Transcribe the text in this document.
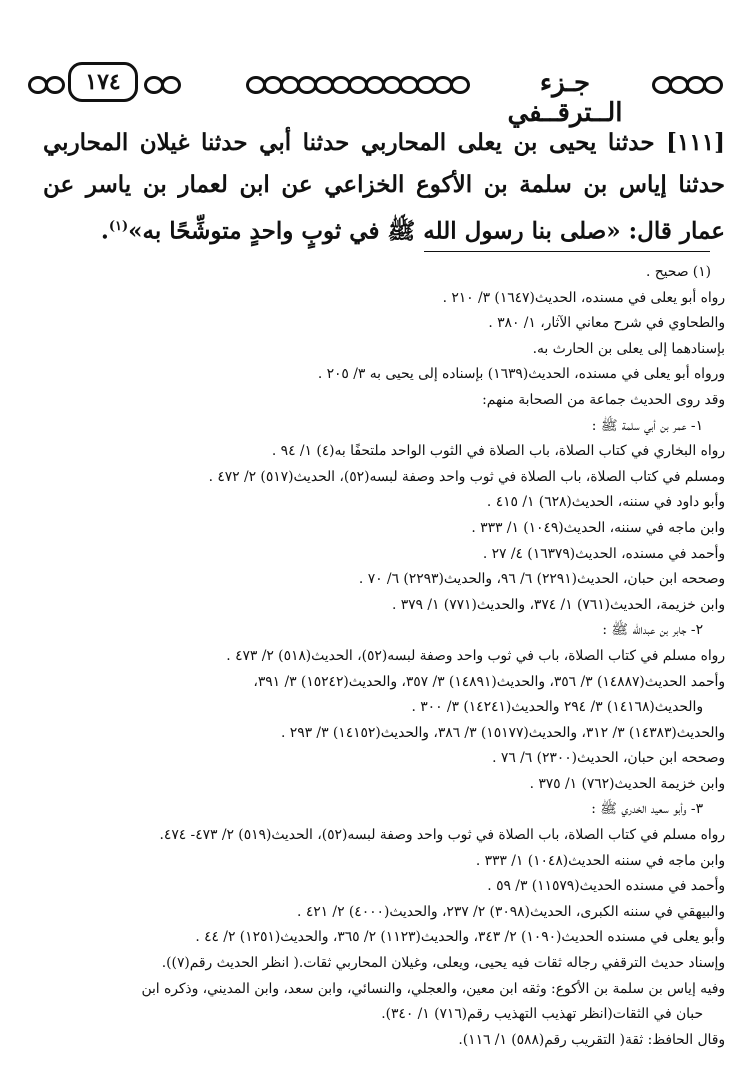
١٧٤	جـزء الــترقــفي
[١١١] حدثنا يحيى بن يعلى المحاربي حدثنا أبي حدثنا غيلان المحاربي حدثنا إياس بن سلمة بن الأكوع الخزاعي عن ابن لعمار بن ياسر عن عمار قال: «صلى بنا رسول الله ﷺ في ثوبٍ واحدٍ متوشِّحًا به»$^{(١)}$.
(١) صحيح .
رواه أبو يعلى في مسنده، الحديث(١٦٤٧) ٣/ ٢١٠ .
والطحاوي في شرح معاني الآثار، ١/ ٣٨٠ .
بإسنادهما إلى يعلى بن الحارث به.
ورواه أبو يعلى في مسنده، الحديث(١٦٣٩) بإسناده إلى يحيى به ٣/ ٢٠٥ .
وقد روى الحديث جماعة من الصحابة منهم:
١- عمر بن أبي سلمة ﷺ :
رواه البخاري في كتاب الصلاة، باب الصلاة في الثوب الواحد ملتحفًا به(٤) ١/ ٩٤ .
ومسلم في كتاب الصلاة، باب الصلاة في ثوب واحد وصفة لبسه(٥٢)، الحديث(٥١٧) ٢/ ٤٧٢ .
وأبو داود في سننه، الحديث(٦٢٨) ١/ ٤١٥ .
وابن ماجه في سننه، الحديث(١٠٤٩) ١/ ٣٣٣ .
وأحمد في مسنده، الحديث(١٦٣٧٩) ٤/ ٢٧ .
وصححه ابن حبان، الحديث(٢٢٩١) ٦/ ٩٦، والحديث(٢٢٩٣) ٦/ ٧٠ .
وابن خزيمة، الحديث(٧٦١) ١/ ٣٧٤، والحديث(٧٧١) ١/ ٣٧٩ .
٢- جابر بن عبدالله ﷺ :
رواه مسلم في كتاب الصلاة، باب في ثوب واحد وصفة لبسه(٥٢)، الحديث(٥١٨) ٢/ ٤٧٣ .
وأحمد الحديث(١٤٨٨٧) ٣/ ٣٥٦، والحديث(١٤٨٩١) ٣/ ٣٥٧، والحديث(١٥٢٤٢) ٣/ ٣٩١،
والحديث(١٤١٦٨) ٣/ ٢٩٤ والحديث(١٤٢٤١) ٣/ ٣٠٠ .
والحديث(١٤٣٨٣) ٣/ ٣١٢، والحديث(١٥١٧٧) ٣/ ٣٨٦، والحديث(١٤١٥٢) ٣/ ٢٩٣ .
وصححه ابن حبان، الحديث(٢٣٠٠) ٦/ ٧٦ .
وابن خزيمة الحديث(٧٦٢) ١/ ٣٧٥ .
٣- وأبو سعيد الخدري ﷺ :
رواه مسلم في كتاب الصلاة، باب الصلاة في ثوب واحد وصفة لبسه(٥٢)، الحديث(٥١٩) ٢/ ٤٧٣- ٤٧٤.
وابن ماجه في سننه الحديث(١٠٤٨) ١/ ٣٣٣ .
وأحمد في مسنده الحديث(١١٥٧٩) ٣/ ٥٩ .
والبيهقي في سننه الكبرى، الحديث(٣٠٩٨) ٢/ ٢٣٧، والحديث(٤٠٠٠) ٢/ ٤٢١ .
وأبو يعلى في مسنده الحديث(١٠٩٠) ٢/ ٣٤٣، والحديث(١١٢٣) ٢/ ٣٦٥، والحديث(١٢٥١) ٢/ ٤٤ .
وإسناد حديث الترقفي رجاله ثقات فيه يحيى، ويعلى، وغيلان المحاربي ثقات.( انظر الحديث رقم(٧)).
وفيه إياس بن سلمة بن الأكوع: وثقه ابن معين، والعجلي، والنسائي، وابن سعد، وابن المديني، وذكره ابن
حبان في الثقات(انظر تهذيب التهذيب رقم(٧١٦) ١/ ٣٤٠).
وقال الحافظ: ثقة( التقريب رقم(٥٨٨) ١/ ١١٦).
